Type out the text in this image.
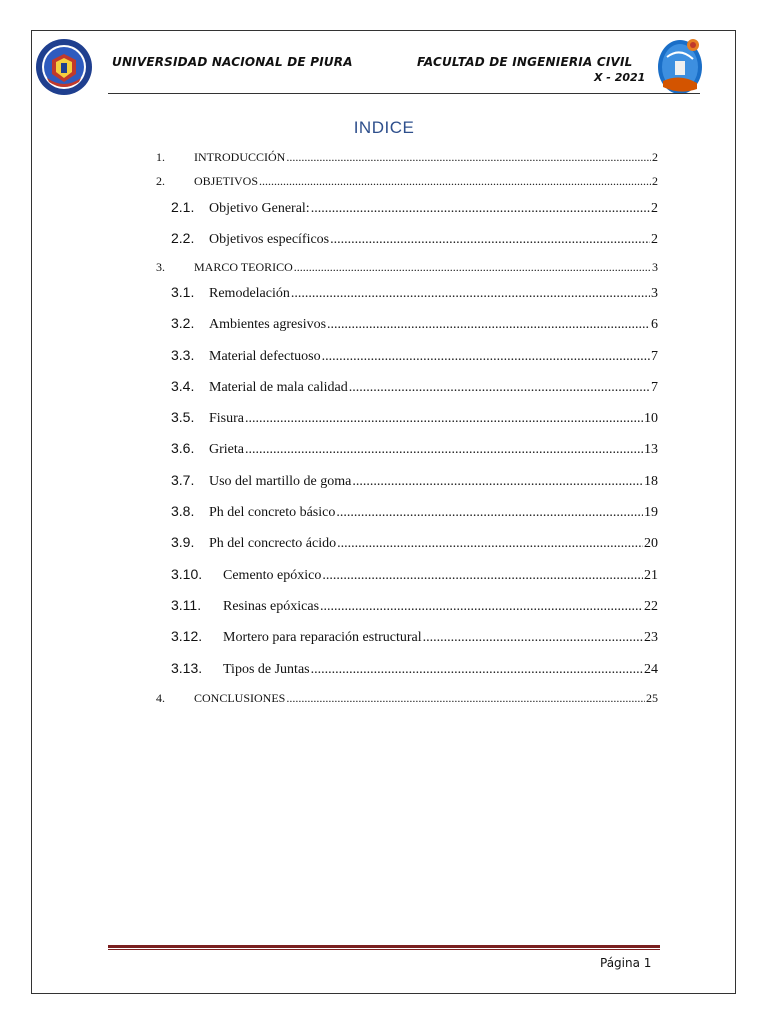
UNIVERSIDAD NACIONAL DE PIURA	FACULTAD DE INGENIERIA CIVIL
X - 2021
INDICE
1.	INTRODUCCIÓN .....	2
2.	OBJETIVOS .....	2
2.1.	Objetivo General: .....	2
2.2.	Objetivos específicos .....	2
3.	MARCO TEORICO .....	3
3.1.	Remodelación .....	3
3.2.	Ambientes agresivos .....	6
3.3.	Material defectuoso .....	7
3.4.	Material de mala calidad .....	7
3.5.	Fisura .....	10
3.6.	Grieta .....	13
3.7.	Uso del martillo de goma .....	18
3.8.	Ph del concreto básico .....	19
3.9.	Ph del concrecto ácido .....	20
3.10.	Cemento epóxico .....	21
3.11.	Resinas epóxicas .....	22
3.12.	Mortero para reparación estructural .....	23
3.13.	Tipos de Juntas .....	24
4.	CONCLUSIONES .....	25
Página 1
